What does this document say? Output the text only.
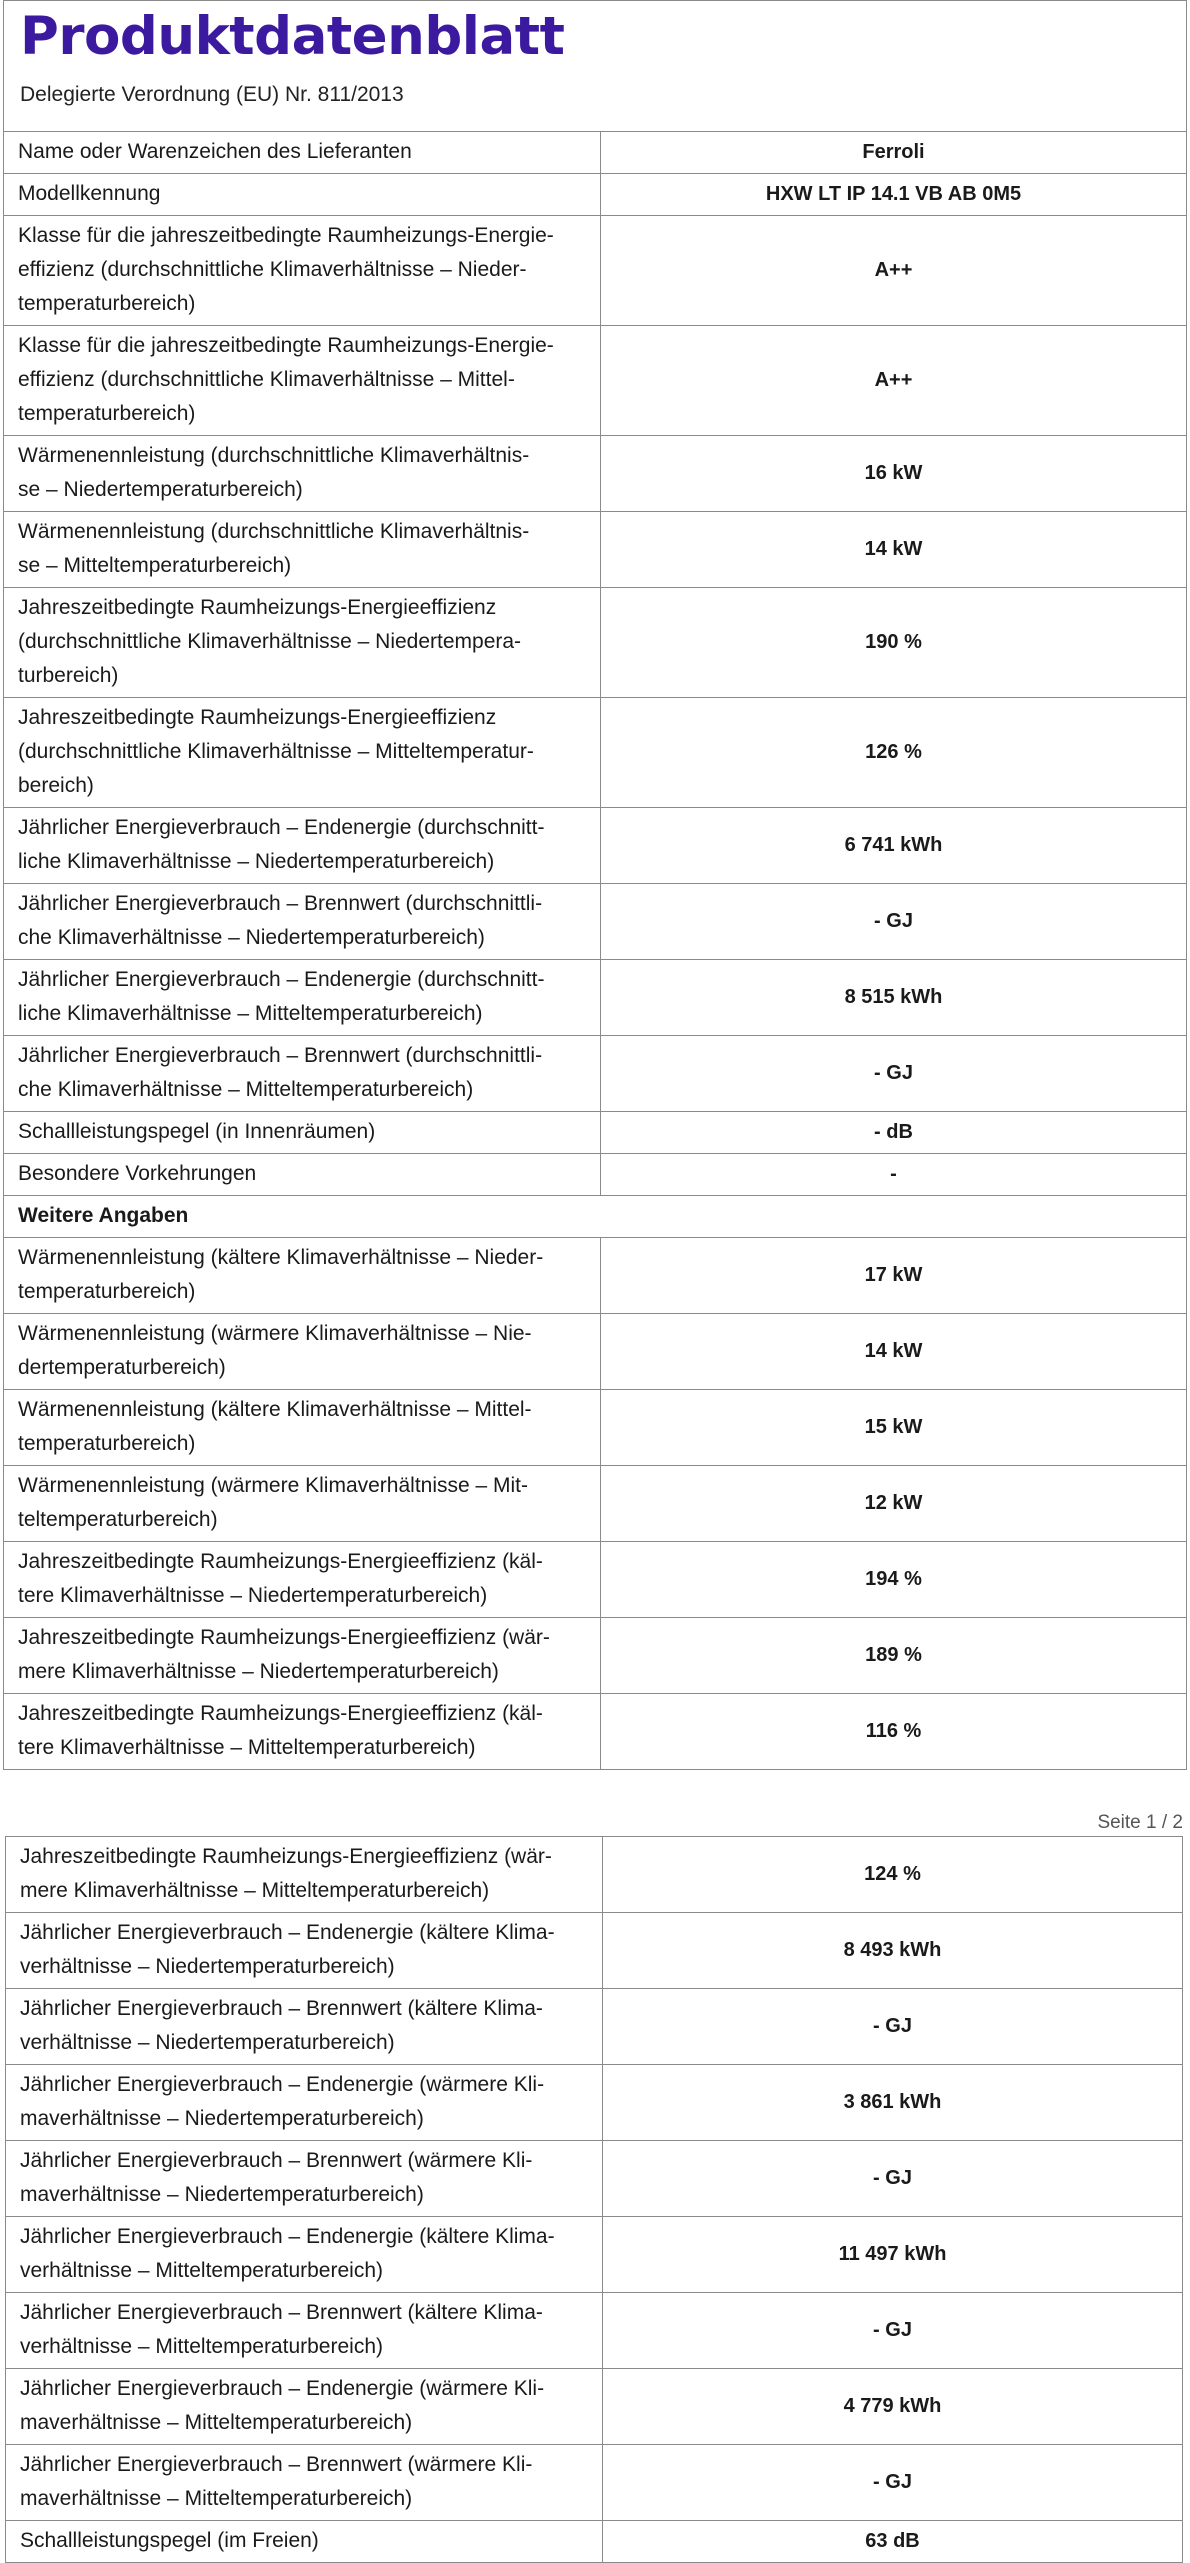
Produktdatenblatt
Delegierte Verordnung (EU) Nr. 811/2013
Name oder Warenzeichen des Lieferanten	Ferroli
Modellkennung	HXW LT IP 14.1 VB AB 0M5
Klasse für die jahreszeitbedingte Raumheizungs-Energie-
effizienz (durchschnittliche Klimaverhältnisse – Nieder-
temperaturbereich)	A++
Klasse für die jahreszeitbedingte Raumheizungs-Energie-
effizienz (durchschnittliche Klimaverhältnisse – Mittel-
temperaturbereich)	A++
Wärmenennleistung (durchschnittliche Klimaverhältnis-
se – Niedertemperaturbereich)	16 kW
Wärmenennleistung (durchschnittliche Klimaverhältnis-
se – Mitteltemperaturbereich)	14 kW
Jahreszeitbedingte Raumheizungs-Energieeffizienz
(durchschnittliche Klimaverhältnisse – Niedertempera-
turbereich)	190 %
Jahreszeitbedingte Raumheizungs-Energieeffizienz
(durchschnittliche Klimaverhältnisse – Mitteltemperatur-
bereich)	126 %
Jährlicher Energieverbrauch – Endenergie (durchschnitt-
liche Klimaverhältnisse – Niedertemperaturbereich)	6 741 kWh
Jährlicher Energieverbrauch – Brennwert (durchschnittli-
che Klimaverhältnisse – Niedertemperaturbereich)	- GJ
Jährlicher Energieverbrauch – Endenergie (durchschnitt-
liche Klimaverhältnisse – Mitteltemperaturbereich)	8 515 kWh
Jährlicher Energieverbrauch – Brennwert (durchschnittli-
che Klimaverhältnisse – Mitteltemperaturbereich)	- GJ
Schallleistungspegel (in Innenräumen)	- dB
Besondere Vorkehrungen	-
Weitere Angaben	
Wärmenennleistung (kältere Klimaverhältnisse – Nieder-
temperaturbereich)	17 kW
Wärmenennleistung (wärmere Klimaverhältnisse – Nie-
dertemperaturbereich)	14 kW
Wärmenennleistung (kältere Klimaverhältnisse – Mittel-
temperaturbereich)	15 kW
Wärmenennleistung (wärmere Klimaverhältnisse – Mit-
teltemperaturbereich)	12 kW
Jahreszeitbedingte Raumheizungs-Energieeffizienz (käl-
tere Klimaverhältnisse – Niedertemperaturbereich)	194 %
Jahreszeitbedingte Raumheizungs-Energieeffizienz (wär-
mere Klimaverhältnisse – Niedertemperaturbereich)	189 %
Jahreszeitbedingte Raumheizungs-Energieeffizienz (käl-
tere Klimaverhältnisse – Mitteltemperaturbereich)	116 %
Seite 1 / 2
Jahreszeitbedingte Raumheizungs-Energieeffizienz (wär-
mere Klimaverhältnisse – Mitteltemperaturbereich)	124 %
Jährlicher Energieverbrauch – Endenergie (kältere Klima-
verhältnisse – Niedertemperaturbereich)	8 493 kWh
Jährlicher Energieverbrauch – Brennwert (kältere Klima-
verhältnisse – Niedertemperaturbereich)	- GJ
Jährlicher Energieverbrauch – Endenergie (wärmere Kli-
maverhältnisse – Niedertemperaturbereich)	3 861 kWh
Jährlicher Energieverbrauch – Brennwert (wärmere Kli-
maverhältnisse – Niedertemperaturbereich)	- GJ
Jährlicher Energieverbrauch – Endenergie (kältere Klima-
verhältnisse – Mitteltemperaturbereich)	11 497 kWh
Jährlicher Energieverbrauch – Brennwert (kältere Klima-
verhältnisse – Mitteltemperaturbereich)	- GJ
Jährlicher Energieverbrauch – Endenergie (wärmere Kli-
maverhältnisse – Mitteltemperaturbereich)	4 779 kWh
Jährlicher Energieverbrauch – Brennwert (wärmere Kli-
maverhältnisse – Mitteltemperaturbereich)	- GJ
Schallleistungspegel (im Freien)	63 dB
